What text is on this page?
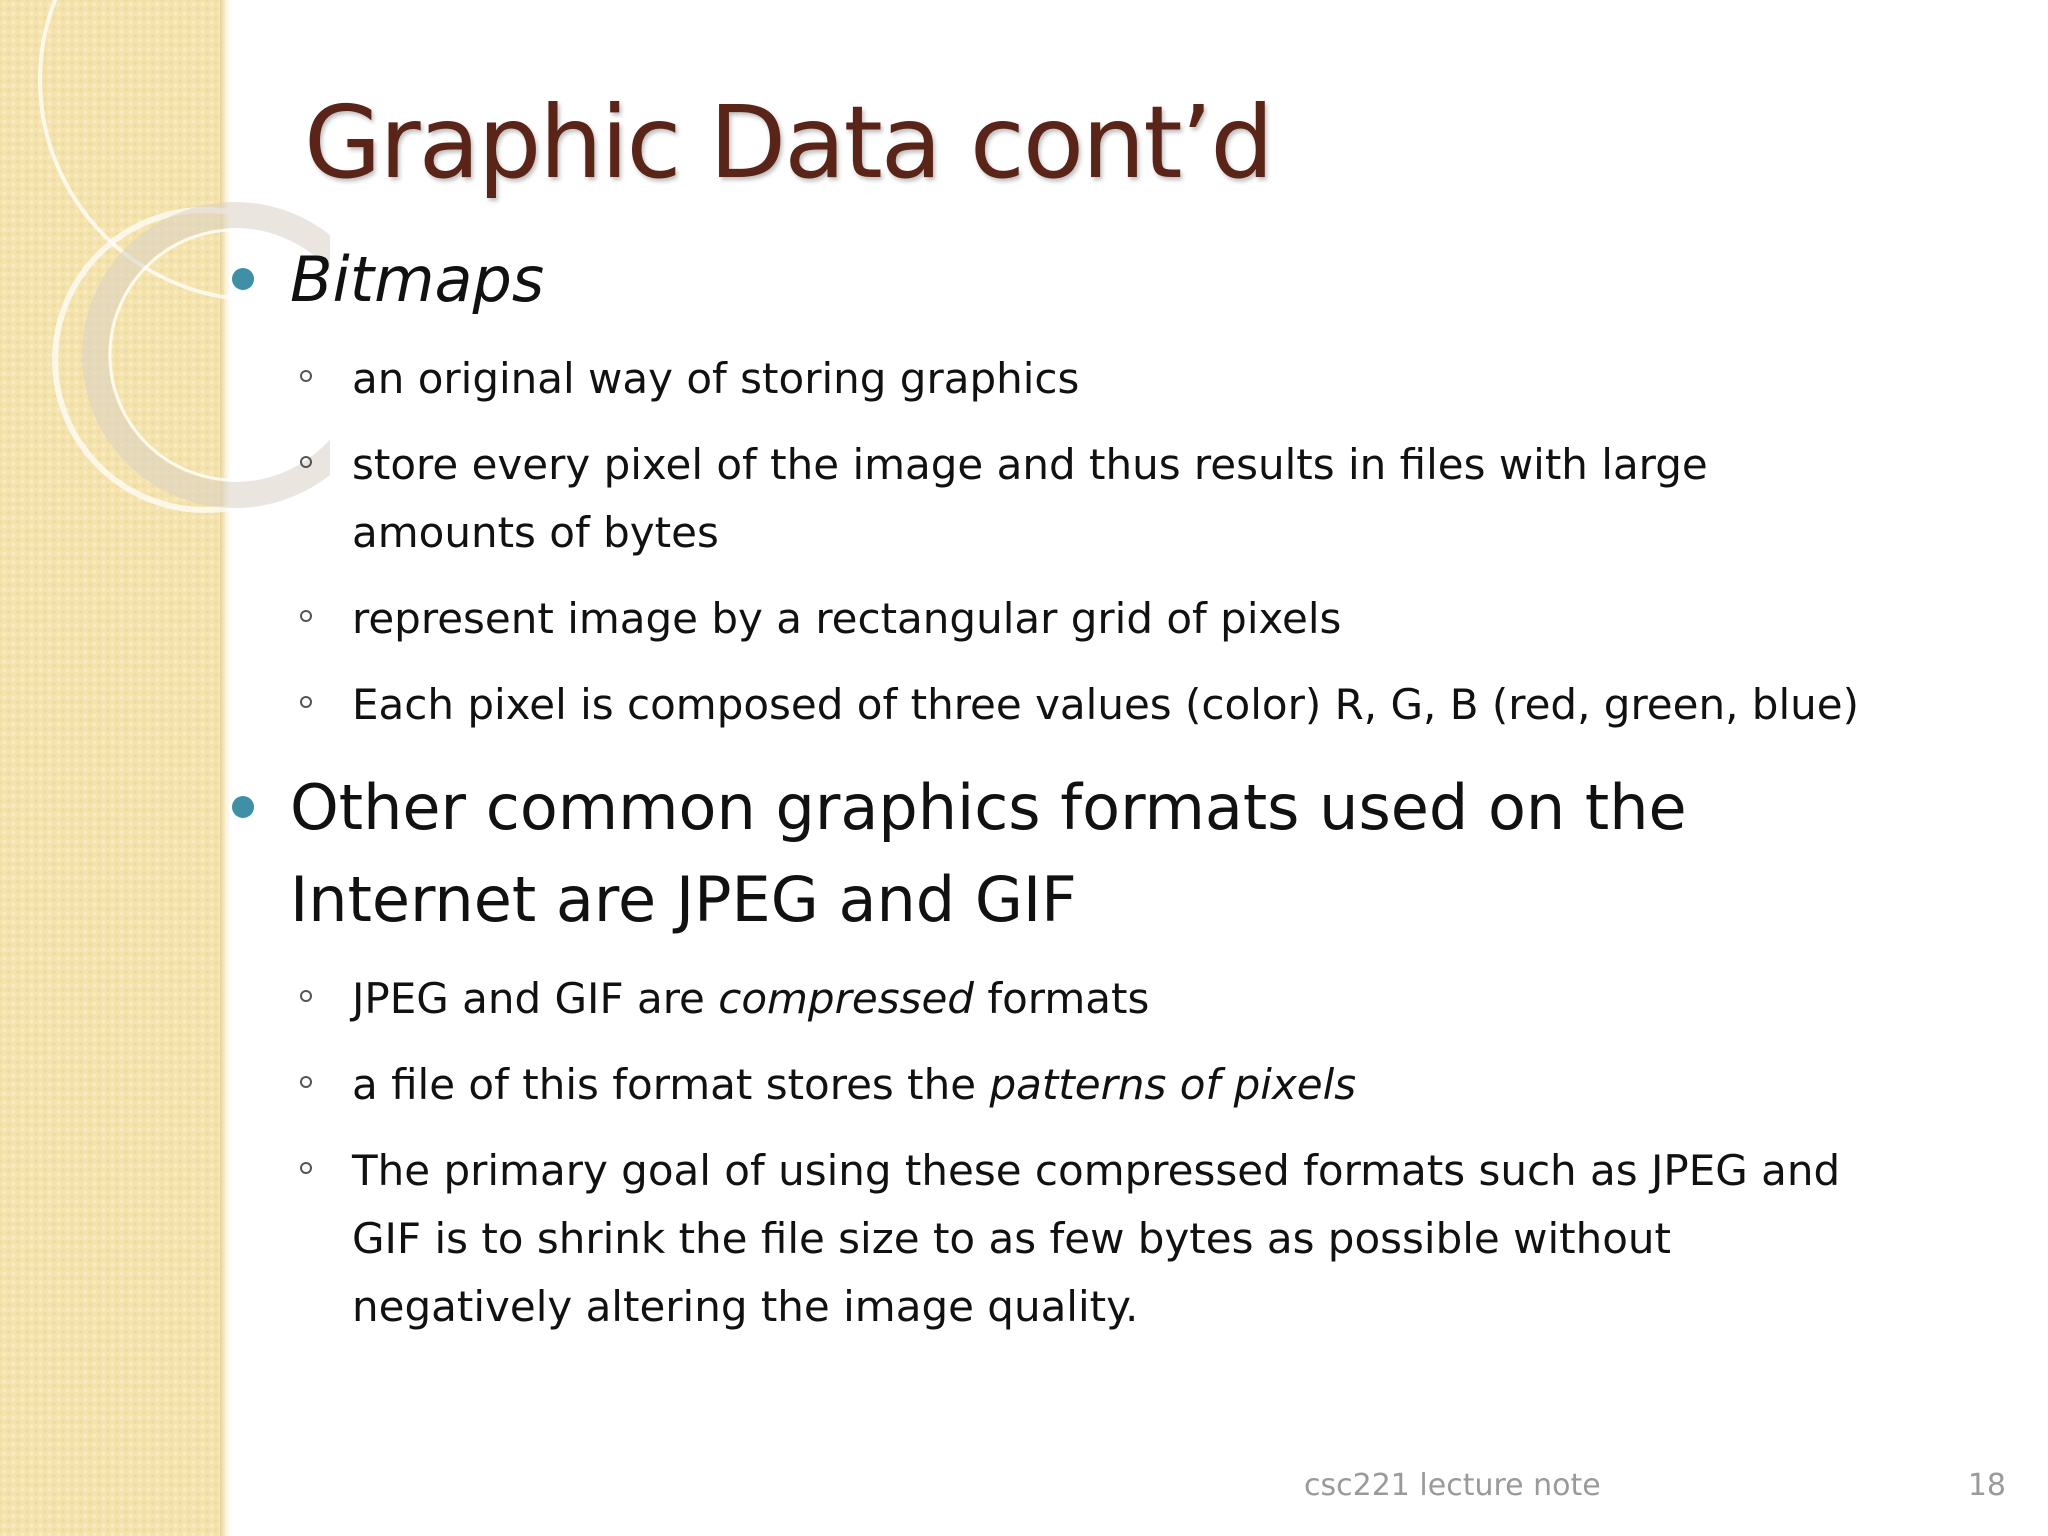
Graphic Data cont’d

Bitmaps

an original way of storing graphics

store every pixel of the image and thus results in files with large

amounts of bytes

represent image by a rectangular grid of pixels

Each pixel is composed of three values (color) R, G, B (red, green, blue)

Other common graphics formats used on the

Internet are JPEG and GIF

JPEG and GIF are compressed formats

a file of this format stores the patterns of pixels

The primary goal of using these compressed formats such as JPEG and

GIF is to shrink the file size to as few bytes as possible without

negatively altering the image quality.

csc221 lecture note	18
